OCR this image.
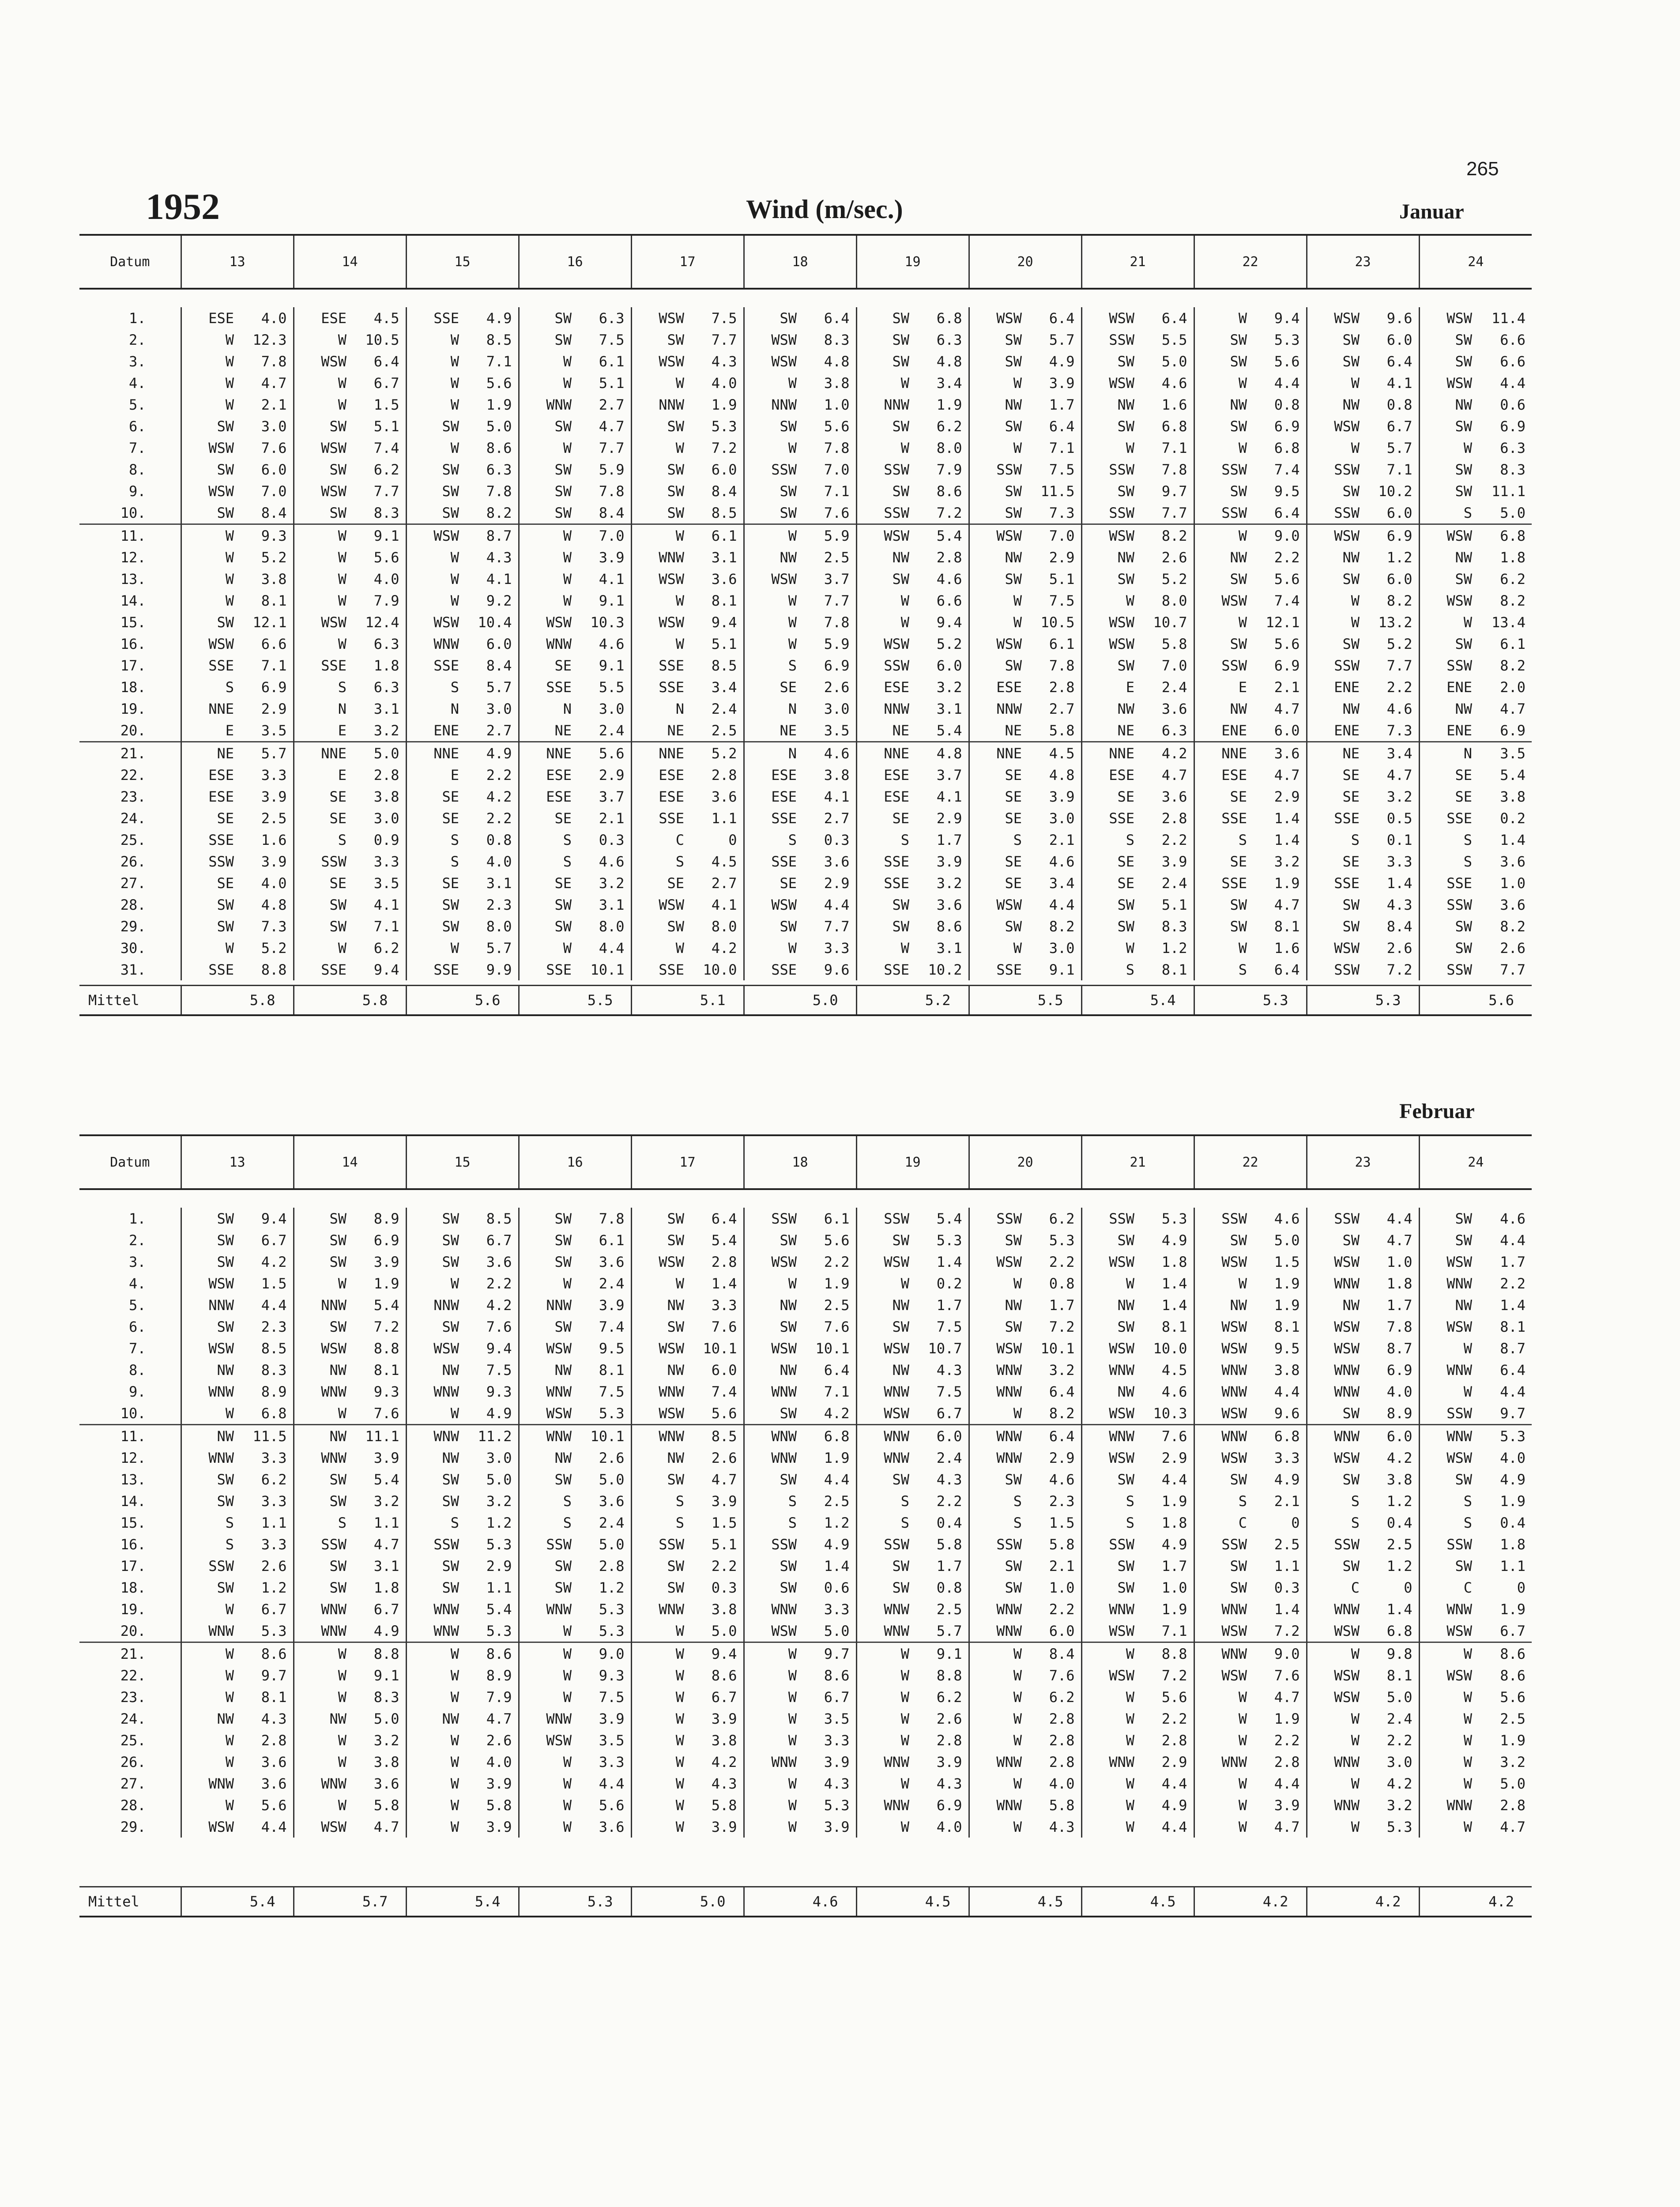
265
1952	Wind (m/sec.)	Januar
Datum	13		14		15		16		17		18		19		20		21		22		23		24	

1.	ESE	4.0	ESE	4.5	SSE	4.9	SW	6.3	WSW	7.5	SW	6.4	SW	6.8	WSW	6.4	WSW	6.4	W	9.4	WSW	9.6	WSW	11.4
2.	W	12.3	W	10.5	W	8.5	SW	7.5	SW	7.7	WSW	8.3	SW	6.3	SW	5.7	SSW	5.5	SW	5.3	SW	6.0	SW	6.6
3.	W	7.8	WSW	6.4	W	7.1	W	6.1	WSW	4.3	WSW	4.8	SW	4.8	SW	4.9	SW	5.0	SW	5.6	SW	6.4	SW	6.6
4.	W	4.7	W	6.7	W	5.6	W	5.1	W	4.0	W	3.8	W	3.4	W	3.9	WSW	4.6	W	4.4	W	4.1	WSW	4.4
5.	W	2.1	W	1.5	W	1.9	WNW	2.7	NNW	1.9	NNW	1.0	NNW	1.9	NW	1.7	NW	1.6	NW	0.8	NW	0.8	NW	0.6
6.	SW	3.0	SW	5.1	SW	5.0	SW	4.7	SW	5.3	SW	5.6	SW	6.2	SW	6.4	SW	6.8	SW	6.9	WSW	6.7	SW	6.9
7.	WSW	7.6	WSW	7.4	W	8.6	W	7.7	W	7.2	W	7.8	W	8.0	W	7.1	W	7.1	W	6.8	W	5.7	W	6.3
8.	SW	6.0	SW	6.2	SW	6.3	SW	5.9	SW	6.0	SSW	7.0	SSW	7.9	SSW	7.5	SSW	7.8	SSW	7.4	SSW	7.1	SW	8.3
9.	WSW	7.0	WSW	7.7	SW	7.8	SW	7.8	SW	8.4	SW	7.1	SW	8.6	SW	11.5	SW	9.7	SW	9.5	SW	10.2	SW	11.1
10.	SW	8.4	SW	8.3	SW	8.2	SW	8.4	SW	8.5	SW	7.6	SSW	7.2	SW	7.3	SSW	7.7	SSW	6.4	SSW	6.0	S	5.0
11.	W	9.3	W	9.1	WSW	8.7	W	7.0	W	6.1	W	5.9	WSW	5.4	WSW	7.0	WSW	8.2	W	9.0	WSW	6.9	WSW	6.8
12.	W	5.2	W	5.6	W	4.3	W	3.9	WNW	3.1	NW	2.5	NW	2.8	NW	2.9	NW	2.6	NW	2.2	NW	1.2	NW	1.8
13.	W	3.8	W	4.0	W	4.1	W	4.1	WSW	3.6	WSW	3.7	SW	4.6	SW	5.1	SW	5.2	SW	5.6	SW	6.0	SW	6.2
14.	W	8.1	W	7.9	W	9.2	W	9.1	W	8.1	W	7.7	W	6.6	W	7.5	W	8.0	WSW	7.4	W	8.2	WSW	8.2
15.	SW	12.1	WSW	12.4	WSW	10.4	WSW	10.3	WSW	9.4	W	7.8	W	9.4	W	10.5	WSW	10.7	W	12.1	W	13.2	W	13.4
16.	WSW	6.6	W	6.3	WNW	6.0	WNW	4.6	W	5.1	W	5.9	WSW	5.2	WSW	6.1	WSW	5.8	SW	5.6	SW	5.2	SW	6.1
17.	SSE	7.1	SSE	1.8	SSE	8.4	SE	9.1	SSE	8.5	S	6.9	SSW	6.0	SW	7.8	SW	7.0	SSW	6.9	SSW	7.7	SSW	8.2
18.	S	6.9	S	6.3	S	5.7	SSE	5.5	SSE	3.4	SE	2.6	ESE	3.2	ESE	2.8	E	2.4	E	2.1	ENE	2.2	ENE	2.0
19.	NNE	2.9	N	3.1	N	3.0	N	3.0	N	2.4	N	3.0	NNW	3.1	NNW	2.7	NW	3.6	NW	4.7	NW	4.6	NW	4.7
20.	E	3.5	E	3.2	ENE	2.7	NE	2.4	NE	2.5	NE	3.5	NE	5.4	NE	5.8	NE	6.3	ENE	6.0	ENE	7.3	ENE	6.9
21.	NE	5.7	NNE	5.0	NNE	4.9	NNE	5.6	NNE	5.2	N	4.6	NNE	4.8	NNE	4.5	NNE	4.2	NNE	3.6	NE	3.4	N	3.5
22.	ESE	3.3	E	2.8	E	2.2	ESE	2.9	ESE	2.8	ESE	3.8	ESE	3.7	SE	4.8	ESE	4.7	ESE	4.7	SE	4.7	SE	5.4
23.	ESE	3.9	SE	3.8	SE	4.2	ESE	3.7	ESE	3.6	ESE	4.1	ESE	4.1	SE	3.9	SE	3.6	SE	2.9	SE	3.2	SE	3.8
24.	SE	2.5	SE	3.0	SE	2.2	SE	2.1	SSE	1.1	SSE	2.7	SE	2.9	SE	3.0	SSE	2.8	SSE	1.4	SSE	0.5	SSE	0.2
25.	SSE	1.6	S	0.9	S	0.8	S	0.3	C	0	S	0.3	S	1.7	S	2.1	S	2.2	S	1.4	S	0.1	S	1.4
26.	SSW	3.9	SSW	3.3	S	4.0	S	4.6	S	4.5	SSE	3.6	SSE	3.9	SE	4.6	SE	3.9	SE	3.2	SE	3.3	S	3.6
27.	SE	4.0	SE	3.5	SE	3.1	SE	3.2	SE	2.7	SE	2.9	SSE	3.2	SE	3.4	SE	2.4	SSE	1.9	SSE	1.4	SSE	1.0
28.	SW	4.8	SW	4.1	SW	2.3	SW	3.1	WSW	4.1	WSW	4.4	SW	3.6	WSW	4.4	SW	5.1	SW	4.7	SW	4.3	SSW	3.6
29.	SW	7.3	SW	7.1	SW	8.0	SW	8.0	SW	8.0	SW	7.7	SW	8.6	SW	8.2	SW	8.3	SW	8.1	SW	8.4	SW	8.2
30.	W	5.2	W	6.2	W	5.7	W	4.4	W	4.2	W	3.3	W	3.1	W	3.0	W	1.2	W	1.6	WSW	2.6	SW	2.6
31.	SSE	8.8	SSE	9.4	SSE	9.9	SSE	10.1	SSE	10.0	SSE	9.6	SSE	10.2	SSE	9.1	S	8.1	S	6.4	SSW	7.2	SSW	7.7

Mittel	5.8		5.8		5.6		5.5		5.1		5.0		5.2		5.5		5.4		5.3		5.3		5.6	
Februar
Datum	13		14		15		16		17		18		19		20		21		22		23		24	

1.	SW	9.4	SW	8.9	SW	8.5	SW	7.8	SW	6.4	SSW	6.1	SSW	5.4	SSW	6.2	SSW	5.3	SSW	4.6	SSW	4.4	SW	4.6
2.	SW	6.7	SW	6.9	SW	6.7	SW	6.1	SW	5.4	SW	5.6	SW	5.3	SW	5.3	SW	4.9	SW	5.0	SW	4.7	SW	4.4
3.	SW	4.2	SW	3.9	SW	3.6	SW	3.6	WSW	2.8	WSW	2.2	WSW	1.4	WSW	2.2	WSW	1.8	WSW	1.5	WSW	1.0	WSW	1.7
4.	WSW	1.5	W	1.9	W	2.2	W	2.4	W	1.4	W	1.9	W	0.2	W	0.8	W	1.4	W	1.9	WNW	1.8	WNW	2.2
5.	NNW	4.4	NNW	5.4	NNW	4.2	NNW	3.9	NW	3.3	NW	2.5	NW	1.7	NW	1.7	NW	1.4	NW	1.9	NW	1.7	NW	1.4
6.	SW	2.3	SW	7.2	SW	7.6	SW	7.4	SW	7.6	SW	7.6	SW	7.5	SW	7.2	SW	8.1	WSW	8.1	WSW	7.8	WSW	8.1
7.	WSW	8.5	WSW	8.8	WSW	9.4	WSW	9.5	WSW	10.1	WSW	10.1	WSW	10.7	WSW	10.1	WSW	10.0	WSW	9.5	WSW	8.7	W	8.7
8.	NW	8.3	NW	8.1	NW	7.5	NW	8.1	NW	6.0	NW	6.4	NW	4.3	WNW	3.2	WNW	4.5	WNW	3.8	WNW	6.9	WNW	6.4
9.	WNW	8.9	WNW	9.3	WNW	9.3	WNW	7.5	WNW	7.4	WNW	7.1	WNW	7.5	WNW	6.4	NW	4.6	WNW	4.4	WNW	4.0	W	4.4
10.	W	6.8	W	7.6	W	4.9	WSW	5.3	WSW	5.6	SW	4.2	WSW	6.7	W	8.2	WSW	10.3	WSW	9.6	SW	8.9	SSW	9.7
11.	NW	11.5	NW	11.1	WNW	11.2	WNW	10.1	WNW	8.5	WNW	6.8	WNW	6.0	WNW	6.4	WNW	7.6	WNW	6.8	WNW	6.0	WNW	5.3
12.	WNW	3.3	WNW	3.9	NW	3.0	NW	2.6	NW	2.6	WNW	1.9	WNW	2.4	WNW	2.9	WSW	2.9	WSW	3.3	WSW	4.2	WSW	4.0
13.	SW	6.2	SW	5.4	SW	5.0	SW	5.0	SW	4.7	SW	4.4	SW	4.3	SW	4.6	SW	4.4	SW	4.9	SW	3.8	SW	4.9
14.	SW	3.3	SW	3.2	SW	3.2	S	3.6	S	3.9	S	2.5	S	2.2	S	2.3	S	1.9	S	2.1	S	1.2	S	1.9
15.	S	1.1	S	1.1	S	1.2	S	2.4	S	1.5	S	1.2	S	0.4	S	1.5	S	1.8	C	0	S	0.4	S	0.4
16.	S	3.3	SSW	4.7	SSW	5.3	SSW	5.0	SSW	5.1	SSW	4.9	SSW	5.8	SSW	5.8	SSW	4.9	SSW	2.5	SSW	2.5	SSW	1.8
17.	SSW	2.6	SW	3.1	SW	2.9	SW	2.8	SW	2.2	SW	1.4	SW	1.7	SW	2.1	SW	1.7	SW	1.1	SW	1.2	SW	1.1
18.	SW	1.2	SW	1.8	SW	1.1	SW	1.2	SW	0.3	SW	0.6	SW	0.8	SW	1.0	SW	1.0	SW	0.3	C	0	C	0
19.	W	6.7	WNW	6.7	WNW	5.4	WNW	5.3	WNW	3.8	WNW	3.3	WNW	2.5	WNW	2.2	WNW	1.9	WNW	1.4	WNW	1.4	WNW	1.9
20.	WNW	5.3	WNW	4.9	WNW	5.3	W	5.3	W	5.0	WSW	5.0	WNW	5.7	WNW	6.0	WSW	7.1	WSW	7.2	WSW	6.8	WSW	6.7
21.	W	8.6	W	8.8	W	8.6	W	9.0	W	9.4	W	9.7	W	9.1	W	8.4	W	8.8	WNW	9.0	W	9.8	W	8.6
22.	W	9.7	W	9.1	W	8.9	W	9.3	W	8.6	W	8.6	W	8.8	W	7.6	WSW	7.2	WSW	7.6	WSW	8.1	WSW	8.6
23.	W	8.1	W	8.3	W	7.9	W	7.5	W	6.7	W	6.7	W	6.2	W	6.2	W	5.6	W	4.7	WSW	5.0	W	5.6
24.	NW	4.3	NW	5.0	NW	4.7	WNW	3.9	W	3.9	W	3.5	W	2.6	W	2.8	W	2.2	W	1.9	W	2.4	W	2.5
25.	W	2.8	W	3.2	W	2.6	WSW	3.5	W	3.8	W	3.3	W	2.8	W	2.8	W	2.8	W	2.2	W	2.2	W	1.9
26.	W	3.6	W	3.8	W	4.0	W	3.3	W	4.2	WNW	3.9	WNW	3.9	WNW	2.8	WNW	2.9	WNW	2.8	WNW	3.0	W	3.2
27.	WNW	3.6	WNW	3.6	W	3.9	W	4.4	W	4.3	W	4.3	W	4.3	W	4.0	W	4.4	W	4.4	W	4.2	W	5.0
28.	W	5.6	W	5.8	W	5.8	W	5.6	W	5.8	W	5.3	WNW	6.9	WNW	5.8	W	4.9	W	3.9	WNW	3.2	WNW	2.8
29.	WSW	4.4	WSW	4.7	W	3.9	W	3.6	W	3.9	W	3.9	W	4.0	W	4.3	W	4.4	W	4.7	W	5.3	W	4.7

Mittel	5.4		5.7		5.4		5.3		5.0		4.6		4.5		4.5		4.5		4.2		4.2		4.2	
